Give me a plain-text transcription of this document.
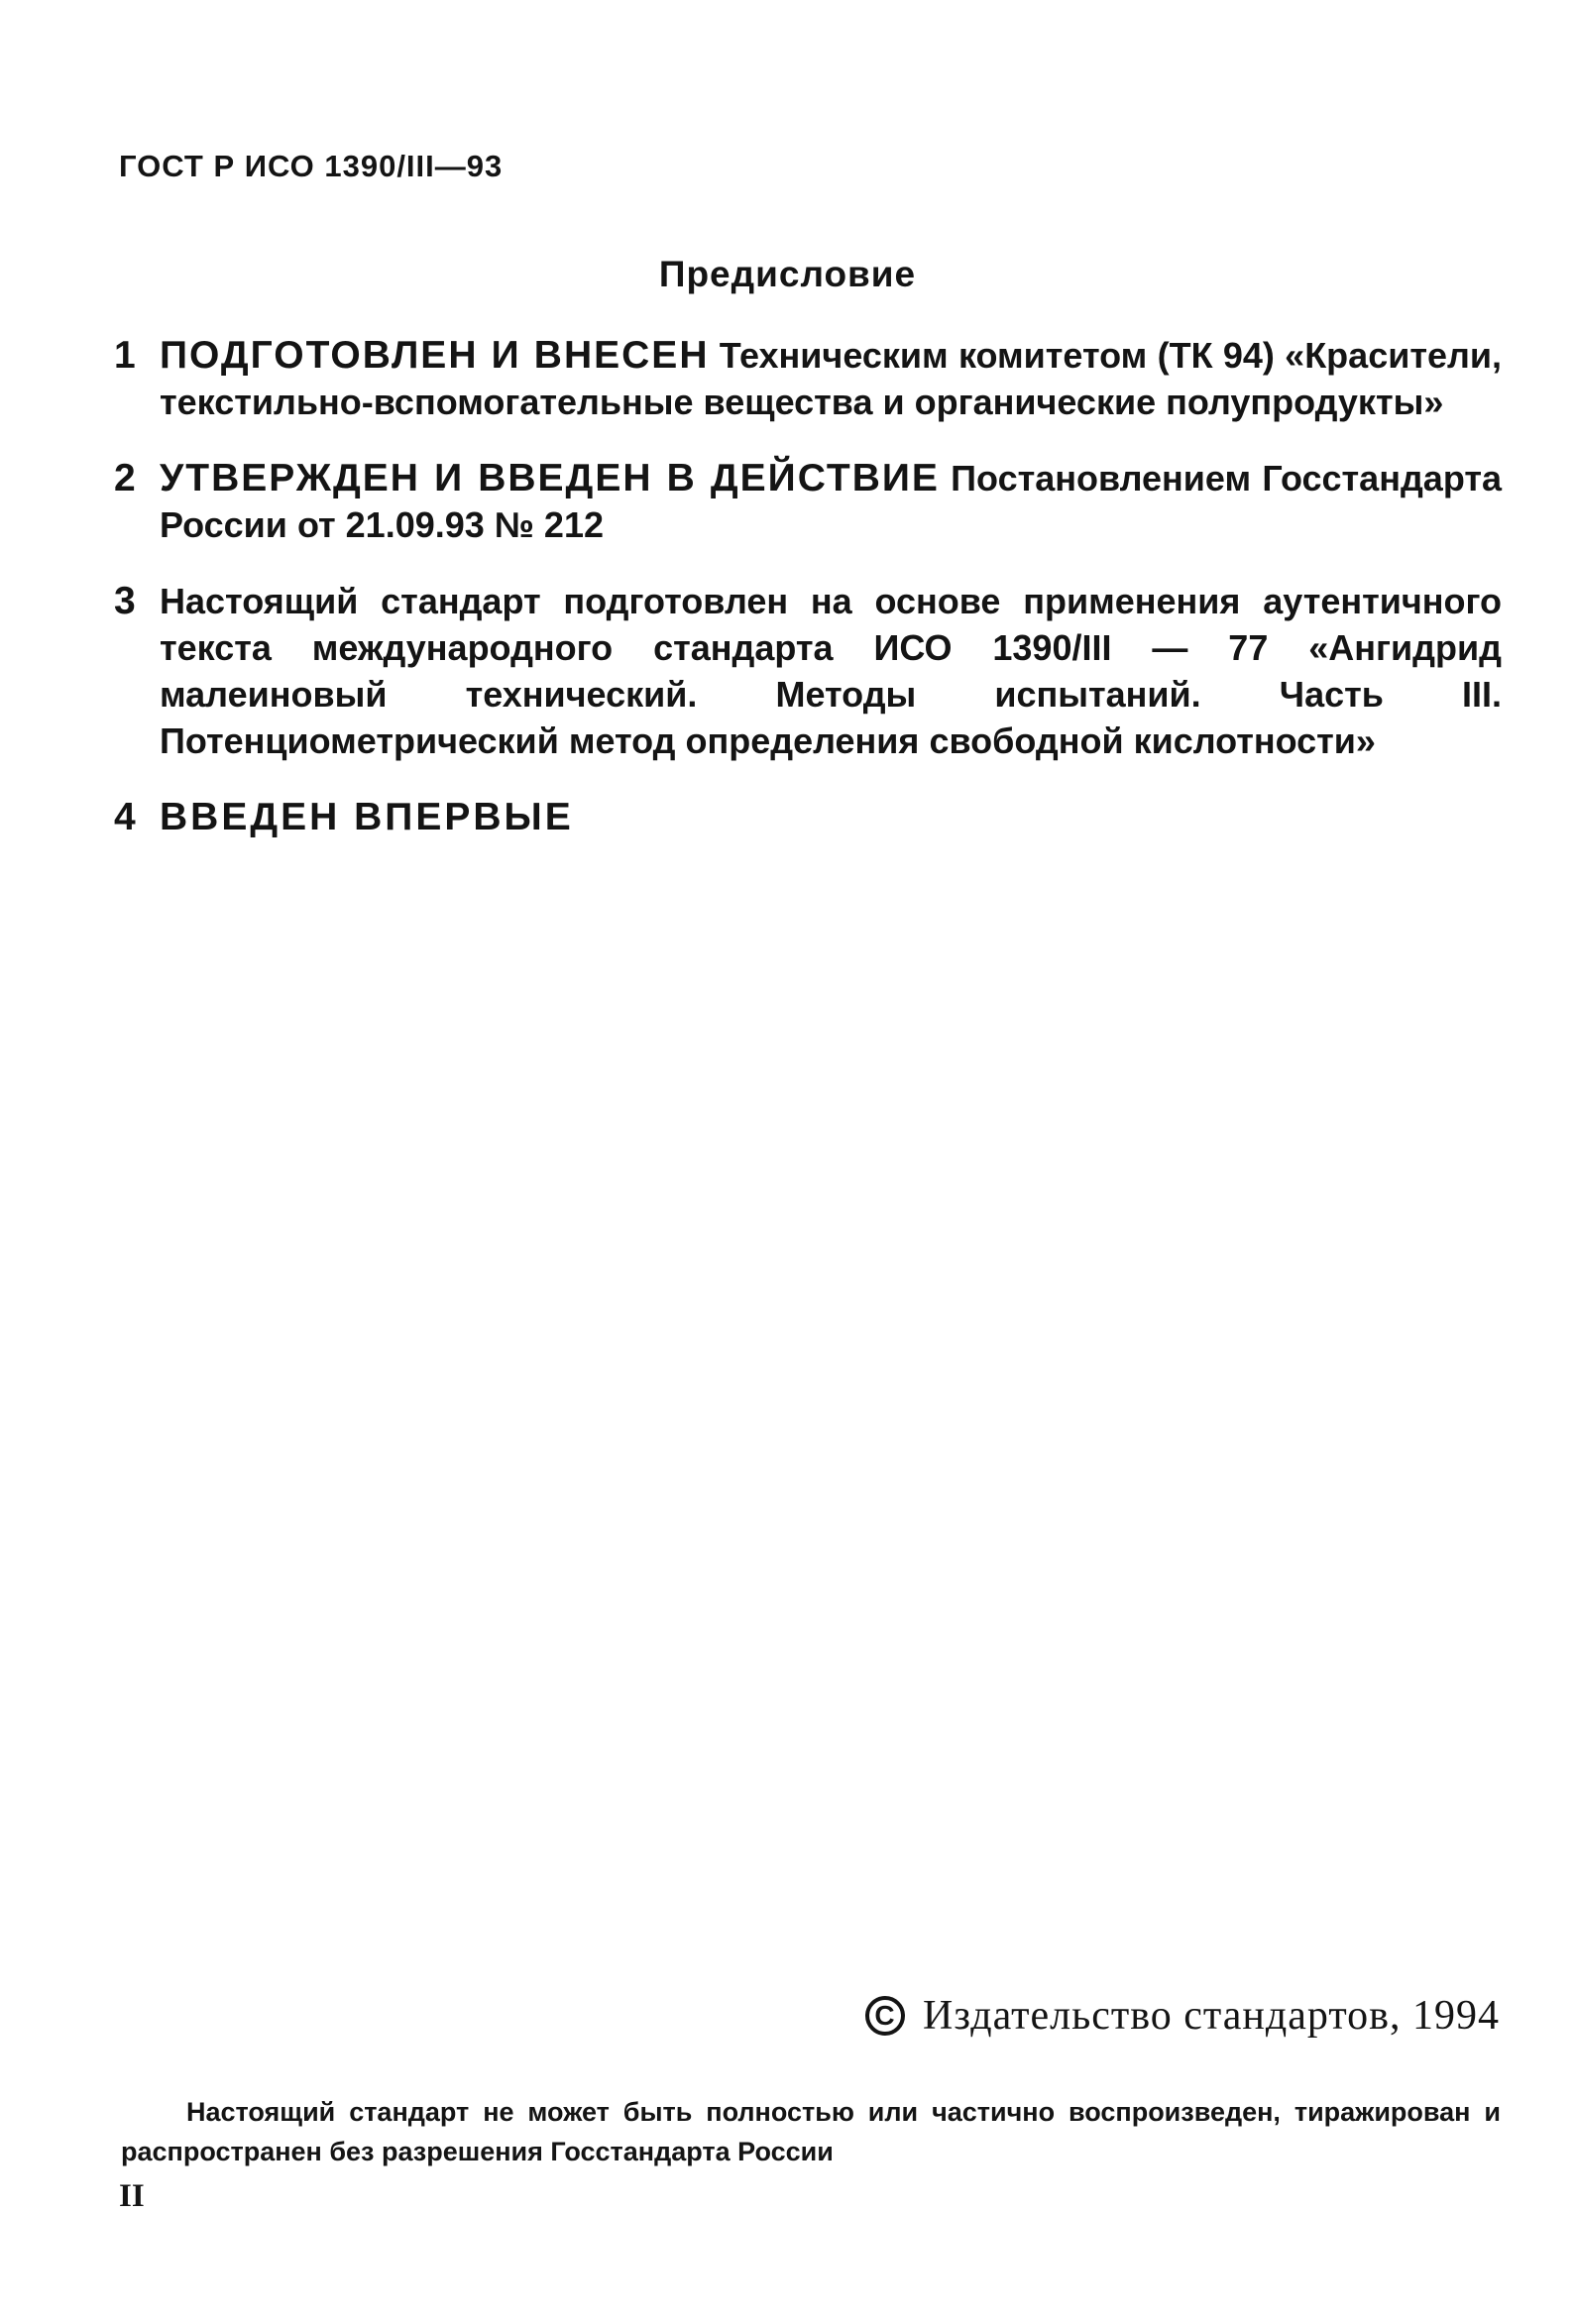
ГОСТ Р ИСО 1390/III—93
Предисловие
1 ПОДГОТОВЛЕН И ВНЕСЕН Техническим комитетом (ТК 94) «Красители, текстильно-вспомогательные вещества и органические полупродукты»
2 УТВЕРЖДЕН И ВВЕДЕН В ДЕЙСТВИЕ Постановлением Госстандарта России от 21.09.93 № 212
3 Настоящий стандарт подготовлен на основе применения аутентичного текста международного стандарта ИСО 1390/III — 77 «Ангидрид малеиновый технический. Методы испытаний. Часть III. Потенциометрический метод определения свободной кислотности»
4 ВВЕДЕН ВПЕРВЫЕ
C Издательство стандартов, 1994
Настоящий стандарт не может быть полностью или частично воспроизведен, тиражирован и распространен без разрешения Госстандарта России
II
